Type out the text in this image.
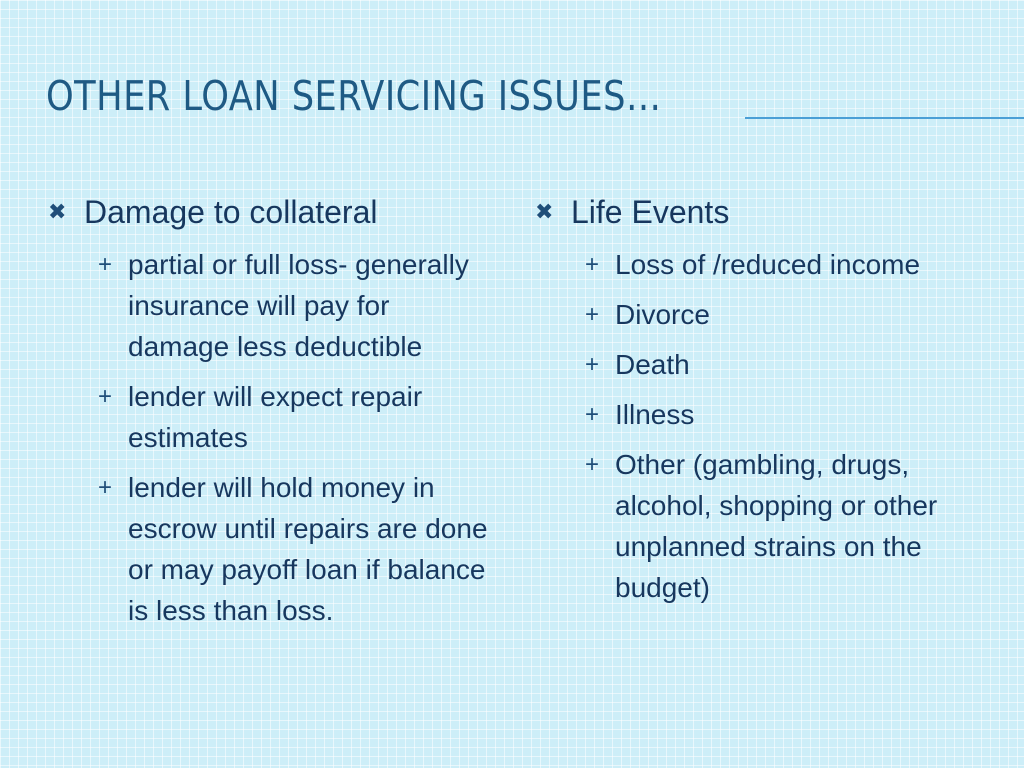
OTHER LOAN SERVICING ISSUES…
✖ Damage to collateral
+ partial or full loss- generally insurance will pay for damage less deductible
+ lender will expect repair estimates
+ lender will hold money in escrow until repairs are done or may payoff loan if balance is less than loss.
✖ Life Events
+ Loss of /reduced income
+ Divorce
+ Death
+ Illness
+ Other (gambling, drugs, alcohol, shopping or other unplanned strains on the budget)
